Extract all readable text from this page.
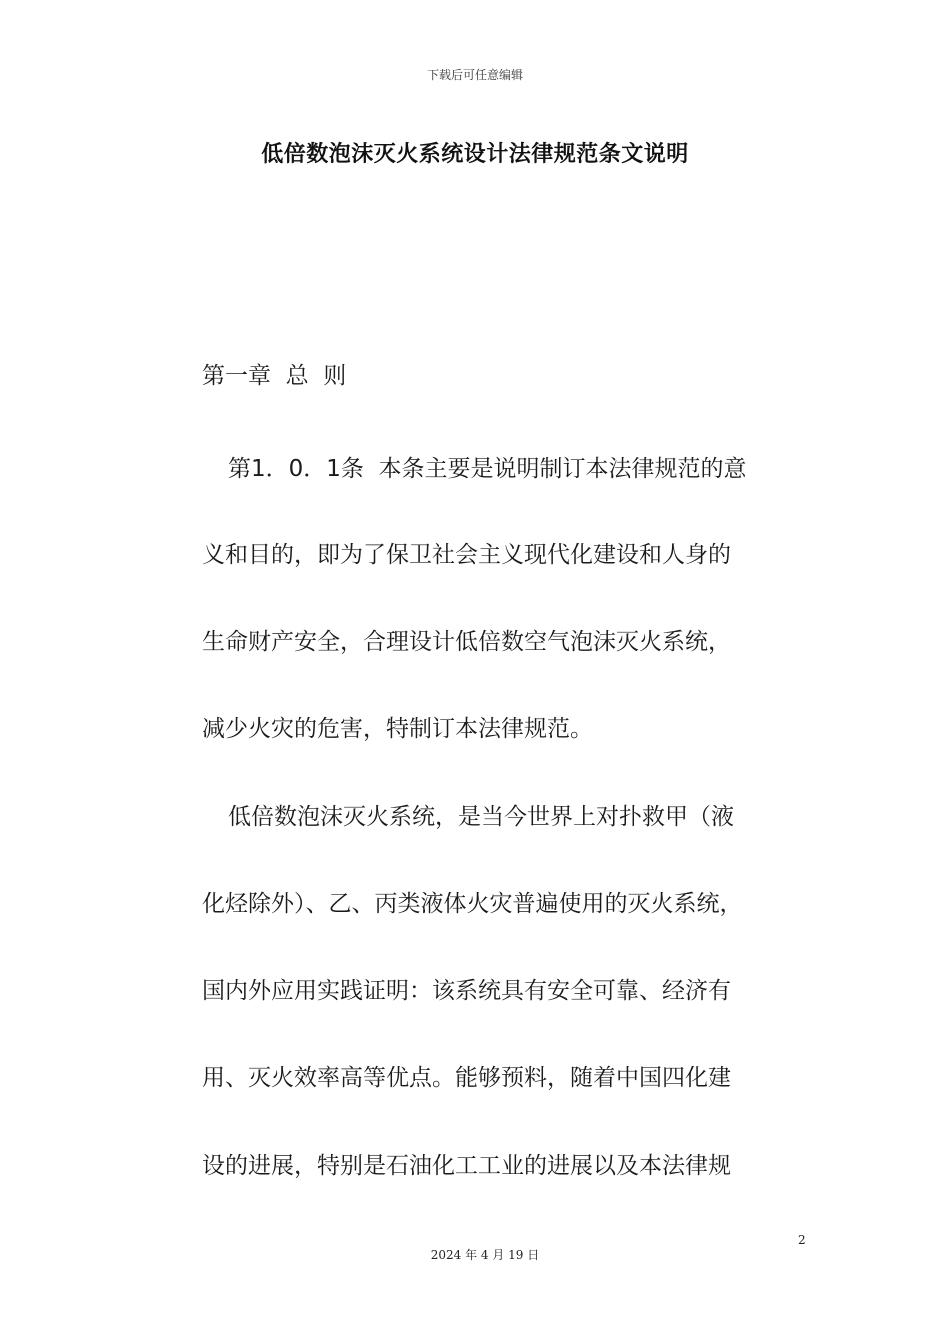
下载后可任意编辑
低倍数泡沫灭火系统设计法律规范条文说明
第一章  总  则
第1．0．1条  本条主要是说明制订本法律规范的意
义和目的，即为了保卫社会主义现代化建设和人身的
生命财产安全，合理设计低倍数空气泡沫灭火系统，
减少火灾的危害，特制订本法律规范。
低倍数泡沫灭火系统，是当今世界上对扑救甲（液
化烃除外）、乙、丙类液体火灾普遍使用的灭火系统，
国内外应用实践证明：该系统具有安全可靠、经济有
用、灭火效率高等优点。能够预料，随着中国四化建
设的进展，特别是石油化工工业的进展以及本法律规
2
2024 年 4 月 19 日
